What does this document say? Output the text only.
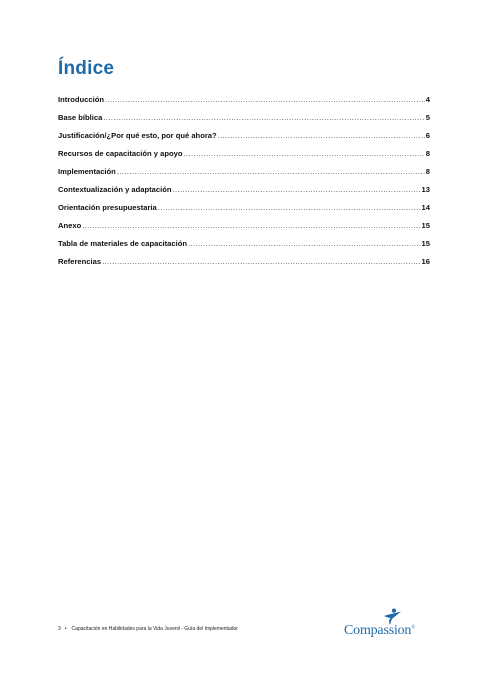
Índice
Introducción .....	4
Base bíblica .....	5
Justificación/¿Por qué esto, por qué ahora? .....	6
Recursos de capacitación y apoyo .....	8
Implementación .....	8
Contextualización y adaptación .....	13
Orientación presupuestaria .....	14
Anexo .....	15
Tabla de materiales de capacitación .....	15
Referencias .....	16
3 • Capacitación en Habilidades para la Vida Juvenil - Guía del Implementador	Compassion®
